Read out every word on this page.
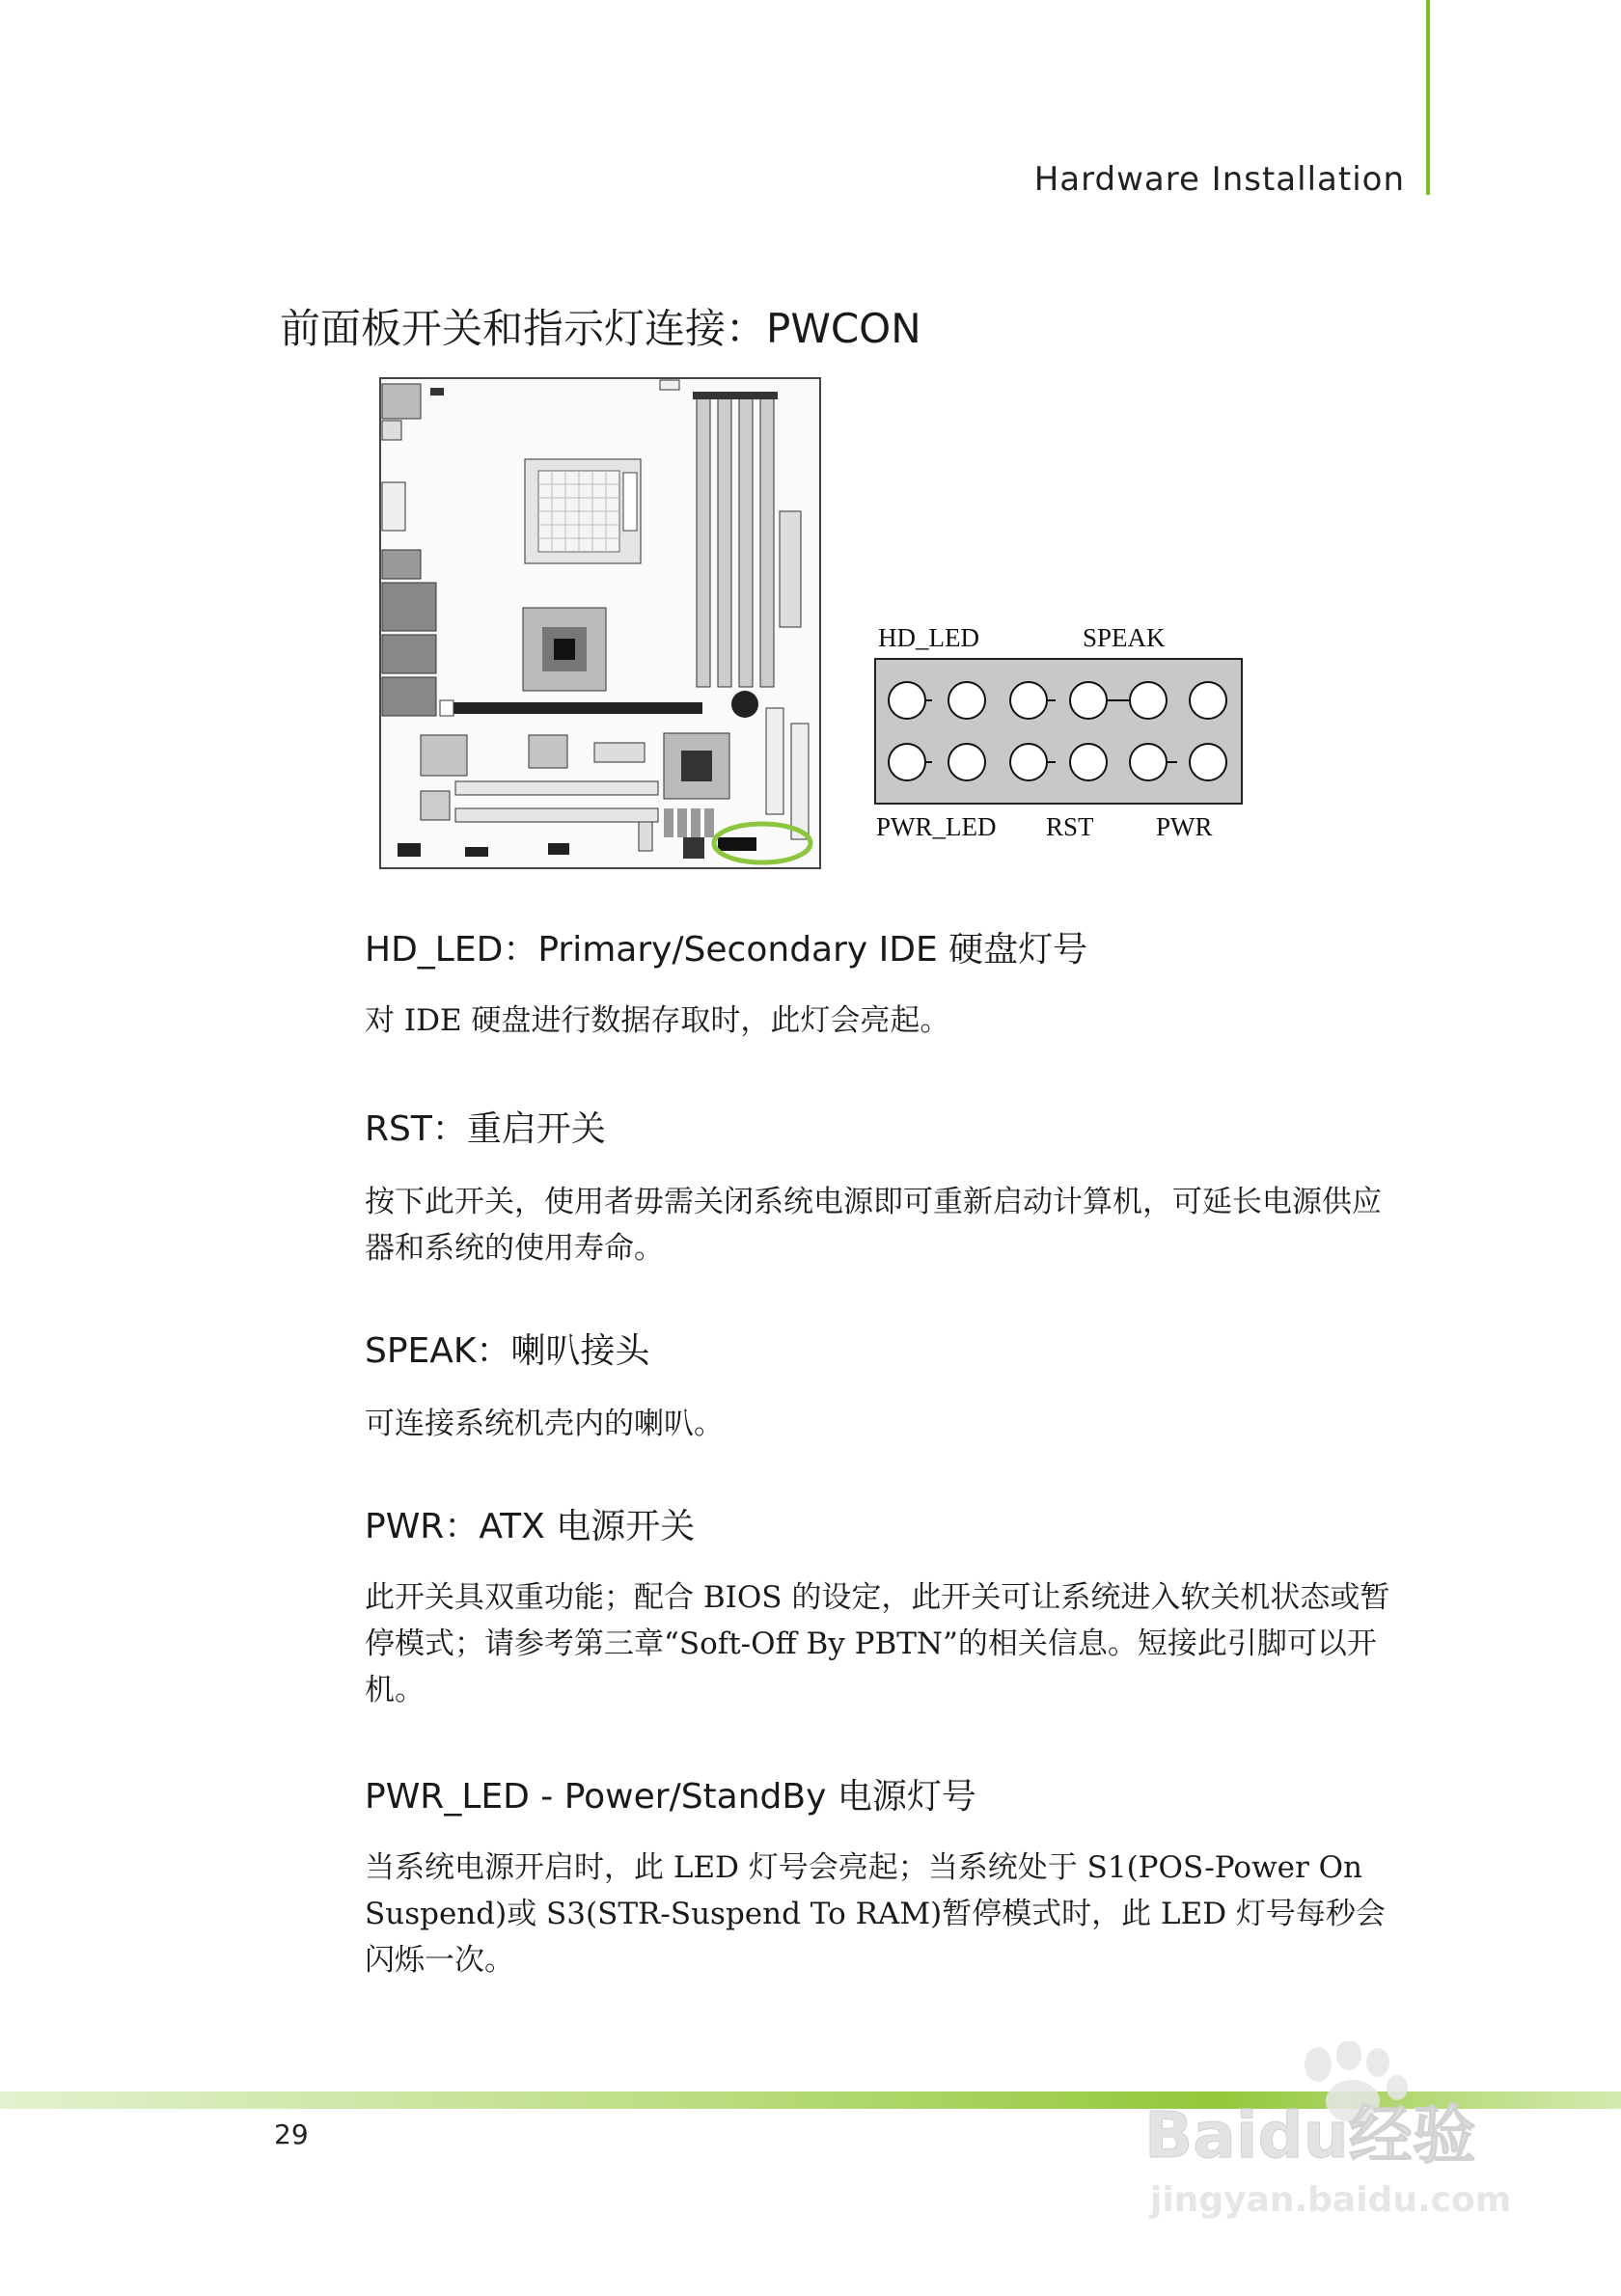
Hardware Installation
前面板开关和指示灯连接：PWCON
HD_LED	SPEAK
PWR_LED RST PWR
HD_LED：Primary/Secondary IDE 硬盘灯号

对 IDE 硬盘进行数据存取时，此灯会亮起。

RST：重启开关

按下此开关，使用者毋需关闭系统电源即可重新启动计算机，可延长电源供应器和系统的使用寿命。

SPEAK：喇叭接头

可连接系统机壳内的喇叭。

PWR：ATX 电源开关

此开关具双重功能；配合 BIOS 的设定，此开关可让系统进入软关机状态或暂停模式；请参考第三章“Soft-Off By PBTN”的相关信息。短接此引脚可以开机。

PWR_LED - Power/StandBy 电源灯号

当系统电源开启时，此 LED 灯号会亮起；当系统处于 S1(POS-Power On Suspend)或 S3(STR-Suspend To RAM)暂停模式时，此 LED 灯号每秒会闪烁一次。

29	Baidu经验
jingyan.baidu.com
